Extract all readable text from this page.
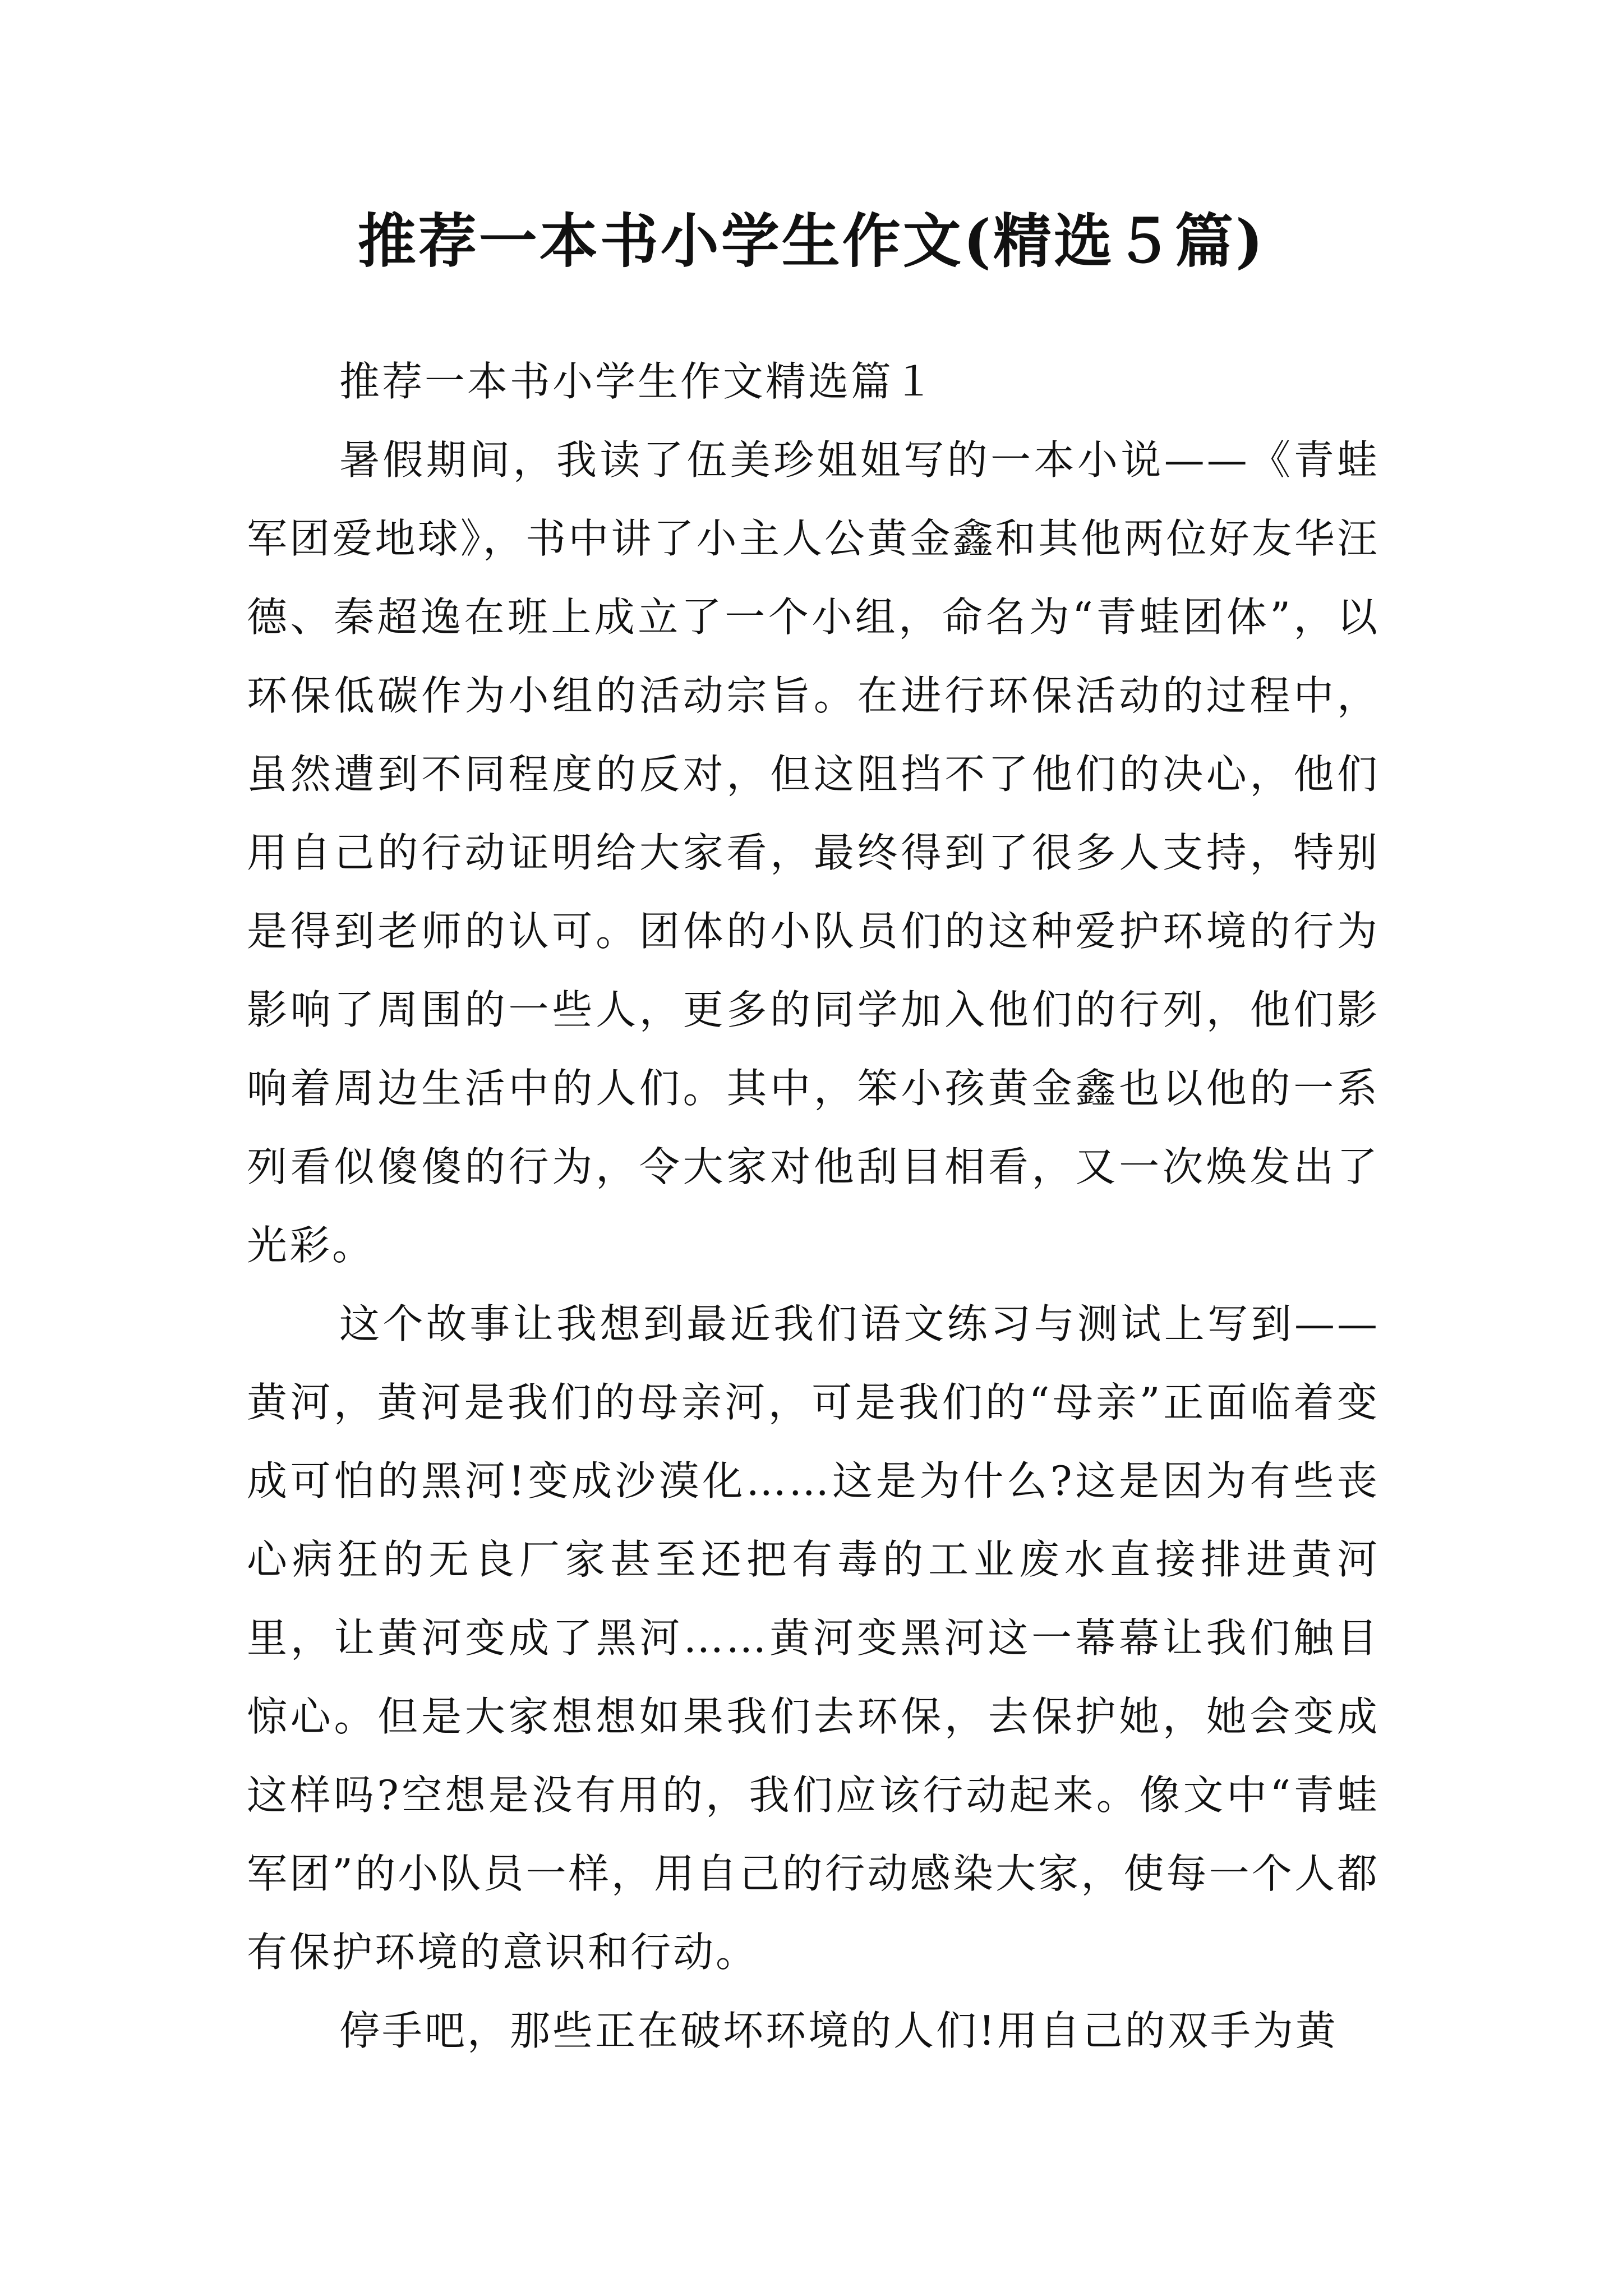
推荐一本书小学生作文(精选５篇)

推荐一本书小学生作文精选篇１

暑假期间，我读了伍美珍姐姐写的一本小说——《青蛙军团爱地球》，书中讲了小主人公黄金鑫和其他两位好友华汪德、秦超逸在班上成立了一个小组，命名为“青蛙团体”，以环保低碳作为小组的活动宗旨。在进行环保活动的过程中，虽然遭到不同程度的反对，但这阻挡不了他们的决心，他们用自己的行动证明给大家看，最终得到了很多人支持，特别是得到老师的认可。团体的小队员们的这种爱护环境的行为影响了周围的一些人，更多的同学加入他们的行列，他们影响着周边生活中的人们。其中，笨小孩黄金鑫也以他的一系列看似傻傻的行为，令大家对他刮目相看，又一次焕发出了光彩。

这个故事让我想到最近我们语文练习与测试上写到——黄河，黄河是我们的母亲河，可是我们的“母亲”正面临着变成可怕的黑河!变成沙漠化……这是为什么?这是因为有些丧心病狂的无良厂家甚至还把有毒的工业废水直接排进黄河里，让黄河变成了黑河……黄河变黑河这一幕幕让我们触目惊心。但是大家想想如果我们去环保，去保护她，她会变成这样吗?空想是没有用的，我们应该行动起来。像文中“青蛙军团”的小队员一样，用自己的行动感染大家，使每一个人都有保护环境的意识和行动。

停手吧，那些正在破坏环境的人们!用自己的双手为黄
